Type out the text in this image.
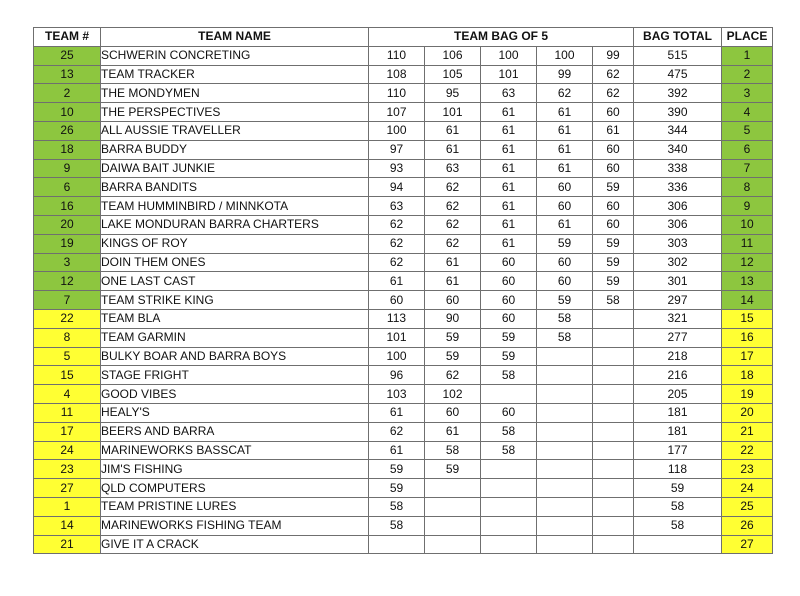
TEAM #	TEAM NAME	TEAM BAG OF 5					BAG TOTAL	PLACE
25	SCHWERIN CONCRETING	110	106	100	100	99	515	1
13	TEAM TRACKER	108	105	101	99	62	475	2
2	THE MONDYMEN	110	95	63	62	62	392	3
10	THE PERSPECTIVES	107	101	61	61	60	390	4
26	ALL AUSSIE TRAVELLER	100	61	61	61	61	344	5
18	BARRA BUDDY	97	61	61	61	60	340	6
9	DAIWA BAIT JUNKIE	93	63	61	61	60	338	7
6	BARRA BANDITS	94	62	61	60	59	336	8
16	TEAM HUMMINBIRD / MINNKOTA	63	62	61	60	60	306	9
20	LAKE MONDURAN BARRA CHARTERS	62	62	61	61	60	306	10
19	KINGS OF ROY	62	62	61	59	59	303	11
3	DOIN THEM ONES	62	61	60	60	59	302	12
12	ONE LAST CAST	61	61	60	60	59	301	13
7	TEAM STRIKE KING	60	60	60	59	58	297	14
22	TEAM BLA	113	90	60	58		321	15
8	TEAM GARMIN	101	59	59	58		277	16
5	BULKY BOAR AND BARRA BOYS	100	59	59			218	17
15	STAGE FRIGHT	96	62	58			216	18
4	GOOD VIBES	103	102				205	19
11	HEALY'S	61	60	60			181	20
17	BEERS AND BARRA	62	61	58			181	21
24	MARINEWORKS BASSCAT	61	58	58			177	22
23	JIM'S FISHING	59	59				118	23
27	QLD COMPUTERS	59					59	24
1	TEAM PRISTINE LURES	58					58	25
14	MARINEWORKS FISHING TEAM	58					58	26
21	GIVE IT A CRACK							27
